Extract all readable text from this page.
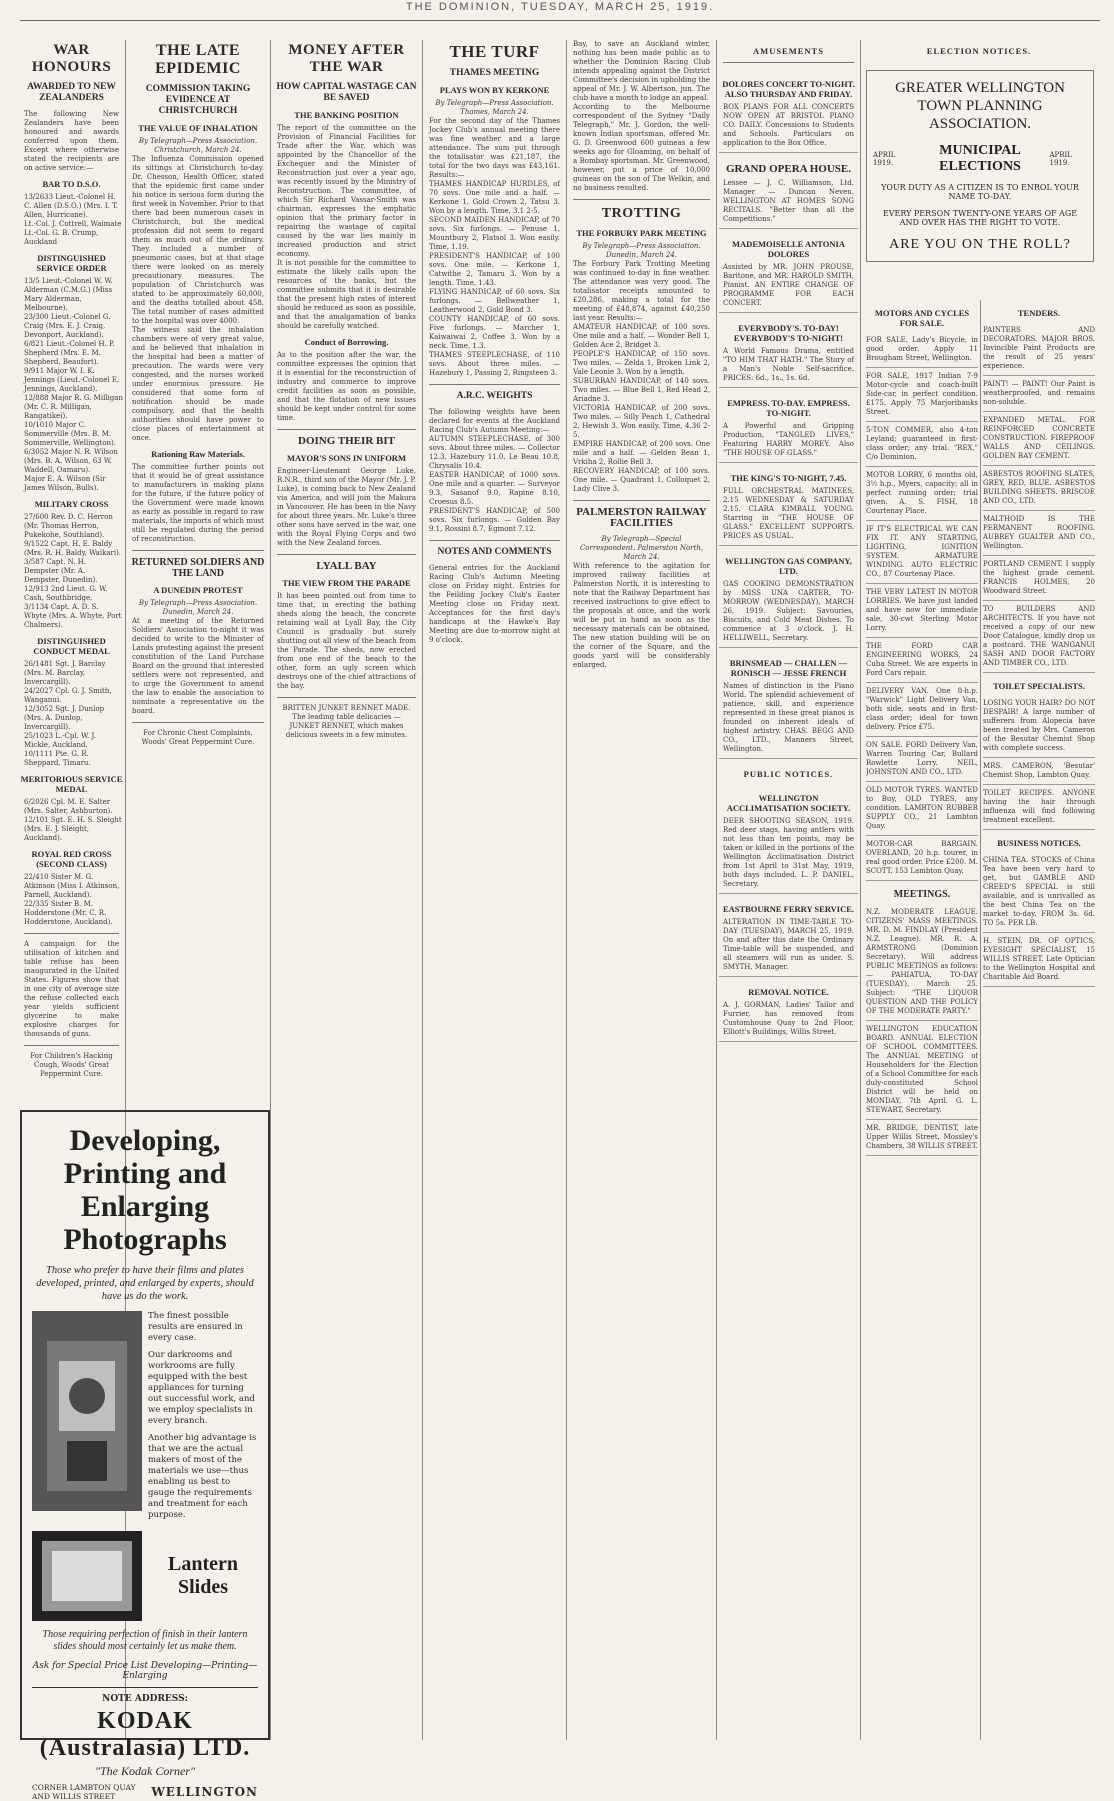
THE DOMINION, TUESDAY, MARCH 25, 1919.
WAR HONOURS
AWARDED TO NEW ZEALANDERS

The following New Zealanders have been honoured and awards conferred upon them. Except where otherwise stated the recipients are on active service:—

BAR TO D.S.O.

13/2633 Lieut.-Colonel H. C. Allen (D.S.O.) (Mrs. I. T. Allen, Hurricane).

Lt.-Col. J. Cottrell, Waimate

Lt.-Col. G. B. Crump, Auckland

DISTINGUISHED SERVICE ORDER

13/5 Lieut.-Colonel W. W. Alderman (C.M.G.) (Miss Mary Alderman, Melbourne).

23/300 Lieut.-Colonel G. Craig (Mrs. E. J. Craig, Devonport, Auckland).

6/821 Lieut.-Colonel H. P. Shepherd (Mrs. E. M. Shepherd, Beaufort).

9/911 Major W. I. K. Jennings (Lieut.-Colonel E. Jennings, Auckland).

12/888 Major R. G. Milligan (Mr. C. R. Milligan, Rangatikei).

10/1010 Major C. Sommerville (Mrs. B. M. Sommerville, Wellington).

6/3052 Major N. R. Wilson (Mrs. B. A. Wilson, 63 W. Waddell, Oamaru).

Major E. A. Wilson (Sir James Wilson, Bulls).

MILITARY CROSS

27/600 Rev. D. C. Herron (Mr. Thomas Herron, Pukekohe, Southland).

9/1522 Capt. H. E. Baldy (Mrs. R. H. Baldy, Waikari).

3/587 Capt. N. H. Dempster (Mr. A. Dempster, Dunedin).

12/913 2nd Lieut. G. W. Cash, Southbridge.

3/1134 Capt. A. D. S. Whyte (Mrs. A. Whyte, Port Chalmers).

DISTINGUISHED CONDUCT MEDAL

26/1481 Sgt. J. Barclay (Mrs. M. Barclay, Invercargill).

24/2027 Cpl. G. J. Smith, Wanganui.

12/3052 Sgt. J. Dunlop (Mrs. A. Dunlop, Invercargill).

25/1023 L.-Cpl. W. J. Mickle, Auckland.

10/1111 Pte. G. R. Sheppard, Timaru.

MERITORIOUS SERVICE MEDAL

6/2026 Cpl. M. E. Salter (Mrs. Salter, Ashburton).

12/101 Sgt. E. H. S. Sleight (Mrs. E. J. Sleight, Auckland).

ROYAL RED CROSS (SECOND CLASS)

22/410 Sister M. G. Atkinson (Miss I. Atkinson, Parnell, Auckland).

22/335 Sister B. M. Hodderstone (Mr. C. R. Hodderstone, Auckland).

A campaign for the utilisation of kitchen and table refuse has been inaugurated in the United States. Figures show that in one city of average size the refuse collected each year yields sufficient glycerine to make explosive charges for thousands of guns.

For Children's Hacking Cough, Woods' Great Peppermint Cure.

THE LATE EPIDEMIC
COMMISSION TAKING EVIDENCE AT CHRISTCHURCH
THE VALUE OF INHALATION

By Telegraph—Press Association. Christchurch, March 24.

The Influenza Commission opened its sittings at Christchurch to-day. Dr. Chesson, Health Officer, stated that the epidemic first came under his notice in serious form during the first week in November. Prior to that there had been numerous cases in Christchurch, but the medical profession did not seem to regard them as much out of the ordinary. They included a number of pneumonic cases, but at that stage there were looked on as merely precautionary measures. The population of Christchurch was stated to be approximately 60,000, and the deaths totalled about 458. The total number of cases admitted to the hospital was over 4000.

The witness said the inhalation chambers were of very great value, and he believed that inhalation in the hospital had been a matter of precaution. The wards were very congested, and the nurses worked under enormous pressure. He considered that some form of notification should be made compulsory, and that the health authorities should have power to close places of entertainment at once.

Rationing Raw Materials.

The committee further points out that it would be of great assistance to manufacturers in making plans for the future, if the future policy of the Government were made known as early as possible in regard to raw materials, the imports of which must still be regulated during the period of reconstruction.

RETURNED SOLDIERS AND THE LAND
A DUNEDIN PROTEST

By Telegraph—Press Association. Dunedin, March 24.

At a meeting of the Returned Soldiers' Association to-night it was decided to write to the Minister of Lands protesting against the present constitution of the Land Purchase Board on the ground that interested settlers were not represented, and to urge the Government to amend the law to enable the association to nominate a representative on the board.

For Chronic Chest Complaints, Woods' Great Peppermint Cure.

Developing, Printing and Enlarging Photographs

Those who prefer to have their films and plates developed, printed, and enlarged by experts, should have us do the work.

The finest possible results are ensured in every case.

Our darkrooms and workrooms are fully equipped with the best appliances for turning out successful work, and we employ specialists in every branch.

Another big advantage is that we are the actual makers of most of the materials we use—thus enabling us best to gauge the requirements and treatment for each purpose.

Lantern Slides

Those requiring perfection of finish in their lantern slides should most certainly let us make them.

Ask for Special Price List Developing—Printing—Enlarging

NOTE ADDRESS:

KODAK (Australasia) LTD.

"The Kodak Corner"

CORNER LAMBTON QUAY AND WILLIS STREET	WELLINGTON
MONEY AFTER THE WAR
HOW CAPITAL WASTAGE CAN BE SAVED
THE BANKING POSITION

The report of the committee on the Provision of Financial Facilities for Trade after the War, which was appointed by the Chancellor of the Exchequer and the Minister of Reconstruction just over a year ago, was recently issued by the Ministry of Reconstruction. The committee, of which Sir Richard Vassar-Smith was chairman, expresses the emphatic opinion that the primary factor in repairing the wastage of capital caused by the war lies mainly in increased production and strict economy.

It is not possible for the committee to estimate the likely calls upon the resources of the banks, but the committee submits that it is desirable that the present high rates of interest should be reduced as soon as possible, and that the amalgamation of banks should be carefully watched.

Conduct of Borrowing.

As to the position after the war, the committee expresses the opinion that it is essential for the reconstruction of industry and commerce to improve credit facilities as soon as possible, and that the flotation of new issues should be kept under control for some time.

DOING THEIR BIT
MAYOR'S SONS IN UNIFORM

Engineer-Lieutenant George Luke, R.N.R., third son of the Mayor (Mr. J. P. Luke), is coming back to New Zealand via America, and will join the Makura in Vancouver. He has been in the Navy for about three years. Mr. Luke's three other sons have served in the war, one with the Royal Flying Corps and two with the New Zealand forces.

LYALL BAY
THE VIEW FROM THE PARADE

It has been pointed out from time to time that, in erecting the bathing sheds along the beach, the concrete retaining wall at Lyall Bay, the City Council is gradually but surely shutting out all view of the beach from the Parade. The sheds, now erected from one end of the beach to the other, form an ugly screen which destroys one of the chief attractions of the bay.

BRITTEN JUNKET RENNET MADE. The leading table delicacies — JUNKET RENNET, which makes delicious sweets in a few minutes.

THE TURF
THAMES MEETING
PLAYS WON BY KERKONE

By Telegraph—Press Association. Thames, March 24.

For the second day of the Thames Jockey Club's annual meeting there was fine weather and a large attendance. The sum put through the totalisator was £21,187, the total for the two days was £43,161. Results:—

THAMES HANDICAP HURDLES, of 70 sovs. One mile and a half. — Kerkone 1, Gold Crown 2, Tatsu 3. Won by a length. Time, 3.1 2-5.

SECOND MAIDEN HANDICAP, of 70 sovs. Six furlongs. — Penuse 1, Mountbury 2, Flatsol 3. Won easily. Time, 1.19.

PRESIDENT'S HANDICAP, of 100 sovs. One mile. — Kerkone 1, Catwithe 2, Tamaru 3. Won by a length. Time, 1.43.

FLYING HANDICAP, of 60 sovs. Six furlongs. — Bellweather 1, Leatherwood 2, Gold Bond 3.

COUNTY HANDICAP, of 60 sovs. Five furlongs. — Marcher 1, Kaiwaiwai 2, Coffee 3. Won by a neck. Time, 1.3.

THAMES STEEPLECHASE, of 110 sovs. About three miles. — Hazebury 1, Passing 2, Ringsteen 3.

A.R.C. WEIGHTS

The following weights have been declared for events at the Auckland Racing Club's Autumn Meeting:—

AUTUMN STEEPLECHASE, of 300 sovs. About three miles. — Collector 12.3, Hazebury 11.0, Le Beau 10.8, Chrysalis 10.4.

EASTER HANDICAP, of 1000 sovs. One mile and a quarter. — Surveyor 9.3, Sasanof 9.0, Rapine 8.10, Croesus 8.5.

PRESIDENT'S HANDICAP, of 500 sovs. Six furlongs. — Golden Bay 9.1, Rossini 8.7, Egmont 7.12.

NOTES AND COMMENTS

General entries for the Auckland Racing Club's Autumn Meeting close on Friday night. Entries for the Feilding Jockey Club's Easter Meeting close on Friday next. Acceptances for the first day's handicaps at the Hawke's Bay Meeting are due to-morrow night at 9 o'clock.

Bay, to save an Auckland winter, nothing has been made public as to whether the Dominion Racing Club intends appealing against the District Committee's decision in upholding the appeal of Mr. J. W. Albertson, jun. The club have a month to lodge an appeal.

According to the Melbourne correspondent of the Sydney "Daily Telegraph," Mr. J. Gordon, the well-known Indian sportsman, offered Mr. G. D. Greenwood 600 guineas a few weeks ago for Gloaming, on behalf of a Bombay sportsman. Mr. Greenwood, however, put a price of 10,000 guineas on the son of The Welkin, and no business resulted.

TROTTING
THE FORBURY PARK MEETING

By Telegraph—Press Association. Dunedin, March 24.

The Forbury Park Trotting Meeting was continued to-day in fine weather. The attendance was very good. The totalisator receipts amounted to £20,286, making a total for the meeting of £48,874, against £40,250 last year. Results:—

AMATEUR HANDICAP, of 100 sovs. One mile and a half. — Wonder Bell 1, Golden Ace 2, Bridget 3.

PEOPLE'S HANDICAP, of 150 sovs. Two miles. — Zelda 1, Broken Link 2, Vale Leonie 3. Won by a length.

SUBURBAN HANDICAP, of 140 sovs. Two miles. — Blue Bell 1, Red Head 2, Ariadne 3.

VICTORIA HANDICAP, of 200 sovs. Two miles. — Silly Peach 1, Cathedral 2, Hewish 3. Won easily. Time, 4.36 2-5.

EMPIRE HANDICAP, of 200 sovs. One mile and a half. — Gelden Bean 1, Vrkiha 2, Rollie Bell 3.

RECOVERY HANDICAP, of 100 sovs. One mile. — Quadrant 1, Colloquet 2, Lady Clive 3.

PALMERSTON RAILWAY FACILITIES

By Telegraph—Special Correspondent. Palmerston North, March 24.

With reference to the agitation for improved railway facilities at Palmerston North, it is interesting to note that the Railway Department has received instructions to give effect to the proposals at once, and the work will be put in hand as soon as the necessary materials can be obtained. The new station building will be on the corner of the Square, and the goods yard will be considerably enlarged.

AMUSEMENTS
DOLORES CONCERT TO-NIGHT. ALSO THURSDAY AND FRIDAY.

BOX PLANS FOR ALL CONCERTS NOW OPEN AT BRISTOL PIANO CO. DAILY. Concessions to Students and Schools. Particulars on application to the Box Office.

GRAND OPERA HOUSE.

Lessee — J. C. Williamson, Ltd. Manager — Duncan Neven. WELLINGTON AT HOMES SONG RECITALS. "Better than all the Competitions."

MADEMOISELLE ANTONIA DOLORES

Assisted by MR. JOHN PROUSE, Baritone, and MR. HAROLD SMITH, Pianist. AN ENTIRE CHANGE OF PROGRAMME FOR EACH CONCERT.

EVERYBODY'S. TO-DAY! EVERYBODY'S TO-NIGHT!

A World Famous Drama, entitled "TO HIM THAT HATH." The Story of a Man's Noble Self-sacrifice. PRICES: 6d., 1s., 1s. 6d.

EMPRESS. TO-DAY. EMPRESS. TO-NIGHT.

A Powerful and Gripping Production, "TANGLED LIVES," Featuring HARRY MOREY. Also "THE HOUSE OF GLASS."

THE KING'S TO-NIGHT, 7.45.

FULL ORCHESTRAL MATINEES, 2.15 WEDNESDAY & SATURDAY 2.15. CLARA KIMBALL YOUNG. Starring in "THE HOUSE OF GLASS." EXCELLENT SUPPORTS. PRICES AS USUAL.

WELLINGTON GAS COMPANY, LTD.

GAS COOKING DEMONSTRATION by MISS UNA CARTER, TO-MORROW (WEDNESDAY), MARCH 26, 1919. Subject: Savouries, Biscuits, and Cold Meat Dishes. To commence at 3 o'clock. J. H. HELLIWELL, Secretary.

BRINSMEAD — CHALLEN — RONISCH — JESSE FRENCH

Names of distinction in the Piano World. The splendid achievement of patience, skill, and experience represented in these great pianos is founded on inherent ideals of highest artistry. CHAS. BEGG AND CO., LTD., Manners Street, Wellington.

PUBLIC NOTICES.
WELLINGTON ACCLIMATISATION SOCIETY.

DEER SHOOTING SEASON, 1919. Red deer stags, having antlers with not less than ten points, may be taken or killed in the portions of the Wellington Acclimatisation District from 1st April to 31st May, 1919, both days included. L. P. DANIEL, Secretary.

EASTBOURNE FERRY SERVICE.

ALTERATION IN TIME-TABLE TO-DAY (TUESDAY), MARCH 25, 1919. On and after this date the Ordinary Time-table will be suspended, and all steamers will run as under. S. SMYTH, Manager.

REMOVAL NOTICE.

A. J. GORMAN, Ladies' Tailor and Furrier, has removed from Customhouse Quay to 2nd Floor, Elliott's Buildings, Willis Street.

ELECTION NOTICES.
GREATER WELLINGTON TOWN PLANNING ASSOCIATION.
APRIL 1919.
MUNICIPAL ELECTIONS
APRIL 1919.

YOUR DUTY AS A CITIZEN IS TO ENROL YOUR NAME TO-DAY.

EVERY PERSON TWENTY-ONE YEARS OF AGE AND OVER HAS THE RIGHT TO VOTE.

ARE YOU ON THE ROLL?
MOTORS AND CYCLES FOR SALE.

FOR SALE, Lady's Bicycle, in good order. Apply 11 Brougham Street, Wellington.

FOR SALE, 1917 Indian 7-9 Motor-cycle and coach-built Side-car, in perfect condition. £175. Apply 75 Marjoribanks Street.

5-TON COMMER, also 4-ton Leyland; guaranteed in first-class order; any trial. "REX," C/o Dominion.

MOTOR LORRY, 6 months old, 3½ h.p., Myers, capacity; all in perfect running order; trial given. A. S. FISH, 18 Courtenay Place.

IF IT'S ELECTRICAL WE CAN FIX IT. ANY STARTING, LIGHTING, IGNITION SYSTEM. ARMATURE WINDING. AUTO ELECTRIC CO., 87 Courtenay Place.

THE VERY LATEST IN MOTOR LORRIES. We have just landed and have now for immediate sale, 30-cwt Sterling Motor Lorry.

THE FORD CAR ENGINEERING WORKS, 24 Cuba Street. We are experts in Ford Cars repair.

DELIVERY VAN. One 8-h.p. "Warwick" Light Delivery Van, both side, seats and in first-class order; ideal for town delivery. Price £75.

ON SALE. FORD Delivery Van, Warren Touring Car, Bullard Rowlette Lorry. NEIL, JOHNSTON AND CO., LTD.

OLD MOTOR TYRES. WANTED to Buy, OLD TYRES, any condition. LAMBTON RUBBER SUPPLY CO., 21 Lambton Quay.

MOTOR-CAR BARGAIN. OVERLAND, 20 h.p. tourer, in real good order. Price £200. M. SCOTT, 153 Lambton Quay.

MEETINGS.

N.Z. MODERATE LEAGUE. CITIZENS' MASS MEETINGS. MR. D. M. FINDLAY (President N.Z. League). MR. R. A. ARMSTRONG (Dominion Secretary). Will address PUBLIC MEETINGS as follows:— PAHIATUA, TO-DAY (TUESDAY), March 25. Subject: "THE LIQUOR QUESTION AND THE POLICY OF THE MODERATE PARTY."

WELLINGTON EDUCATION BOARD. ANNUAL ELECTION OF SCHOOL COMMITTEES. The ANNUAL MEETING of Householders for the Election of a School Committee for each duly-constituted School District will be held on MONDAY, 7th April. G. L. STEWART, Secretary.

MR. BRIDGE, DENTIST, late Upper Willis Street, Mossley's Chambers, 38 WILLIS STREET.

TENDERS.

PAINTERS AND DECORATORS. MAJOR BROS. Invincible Paint Products are the result of 25 years' experience.

PAINT! — PAINT! Our Paint is weatherproofed, and remains non-soluble.

EXPANDED METAL. FOR REINFORCED CONCRETE CONSTRUCTION. FIREPROOF WALLS AND CEILINGS. GOLDEN BAY CEMENT.

ASBESTOS ROOFING SLATES, GREY, RED, BLUE. ASBESTOS BUILDING SHEETS. BRISCOE AND CO., LTD.

MALTHOID IS THE PERMANENT ROOFING. AUBREY GUALTER AND CO., Wellington.

PORTLAND CEMENT. I supply the highest grade cement. FRANCIS HOLMES, 20 Woodward Street.

TO BUILDERS AND ARCHITECTS. If you have not received a copy of our new Door Catalogue, kindly drop us a postcard. THE WANGANUI SASH AND DOOR FACTORY AND TIMBER CO., LTD.

TOILET SPECIALISTS.

LOSING YOUR HAIR? DO NOT DESPAIR! A large number of sufferers from Alopecia have been treated by Mrs. Cameron of the Besutar Chemist Shop with complete success.

MRS. CAMERON, 'Besutar' Chemist Shop, Lambton Quay.

TOILET RECIPES. ANYONE having the hair through influenza will find following treatment excellent.

BUSINESS NOTICES.

CHINA TEA. STOCKS of China Tea have been very hard to get, but GAMBLE AND CREED'S SPECIAL is still available, and is unrivalled as the best China Tea on the market to-day. FROM 3s. 6d. TO 5s. PER LB.

H. STEIN, DR. OF OPTICS, EYESIGHT SPECIALIST, 15 WILLIS STREET. Late Optician to the Wellington Hospital and Charitable Aid Board.
